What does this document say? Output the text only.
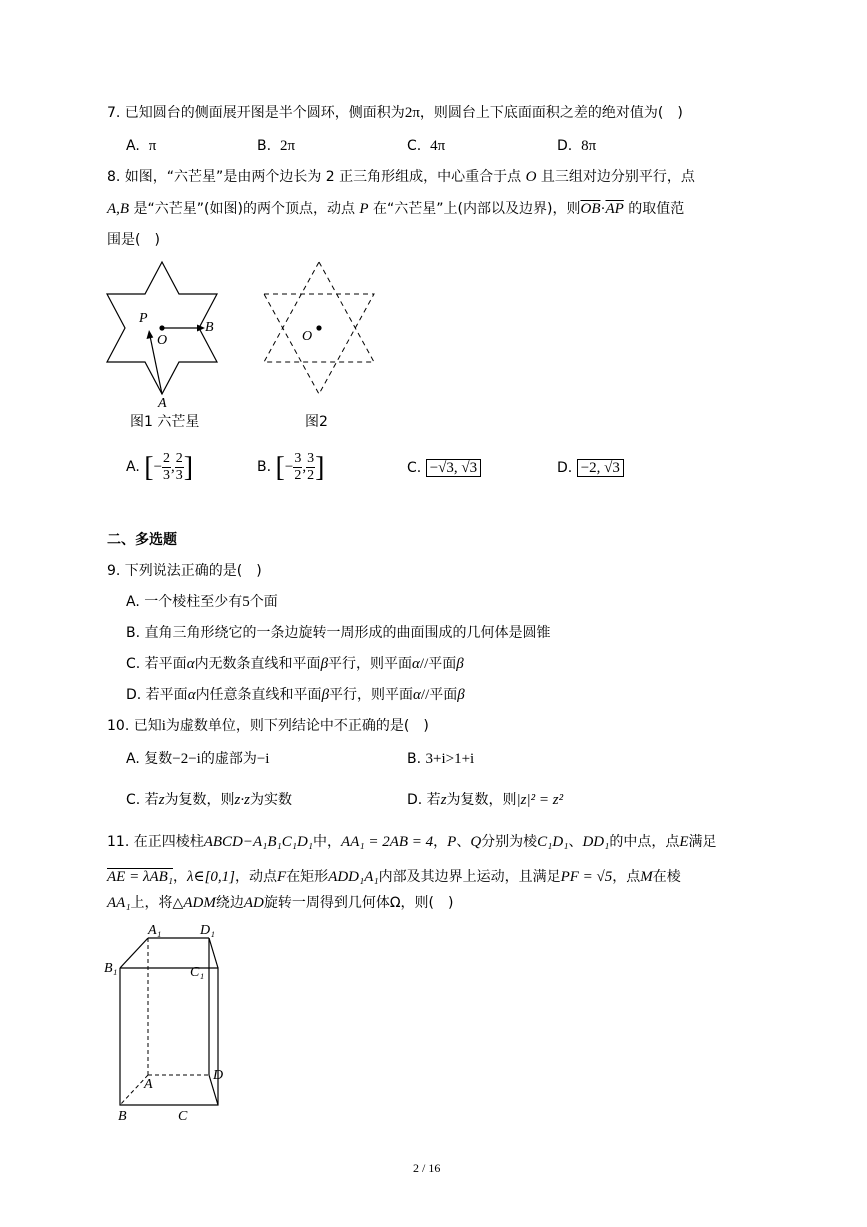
7. 已知圆台的侧面展开图是半个圆环，侧面积为2π，则圆台上下底面面积之差的绝对值为(　)
A. π	B. 2π	C. 4π	D. 8π
8. 如图，“六芒星”是由两个边长为 2 正三角形组成，中心重合于点 O 且三组对边分别平行，点
A,B 是“六芒星”(如图)的两个顶点，动点 P 在“六芒星”上(内部以及边界)，则$\overline{OB}\cdot\overline{AP}$ 的取值范
围是(　)
P
O
B
A
图1 六芒星
O
图2
A. [− $\frac{2}{3}$ , $\frac{2}{3}$ ]	B. [− $\frac{3}{2}$ , $\frac{3}{2}$ ]	C. −√3, √3	D. −2, √3
二、多选题
9. 下列说法正确的是(　)
A. 一个棱柱至少有5个面
B. 直角三角形绕它的一条边旋转一周形成的曲面围成的几何体是圆锥
C. 若平面α内无数条直线和平面β平行，则平面α//平面β
D. 若平面α内任意条直线和平面β平行，则平面α//平面β
10. 已知i为虚数单位，则下列结论中不正确的是(　)
A. 复数−2−i的虚部为−i	B. 3+i>1+i
C. 若z为复数，则z·z为实数	D. 若z为复数，则|z|² = z²
11. 在正四棱柱ABCD−A₁B₁C₁D₁中，AA₁ = 2AB = 4，P、Q分别为棱C₁D₁、DD₁的中点，点E满足
AE = λAB₁，λ∈[0,1]，动点F在矩形ADD₁A₁内部及其边界上运动，且满足PF = √5，点M在棱
AA₁上，将△ADM绕边AD旋转一周得到几何体Ω，则(　)
A₁	D₁
B₁	C₁
A
D
B	C
2 / 16
